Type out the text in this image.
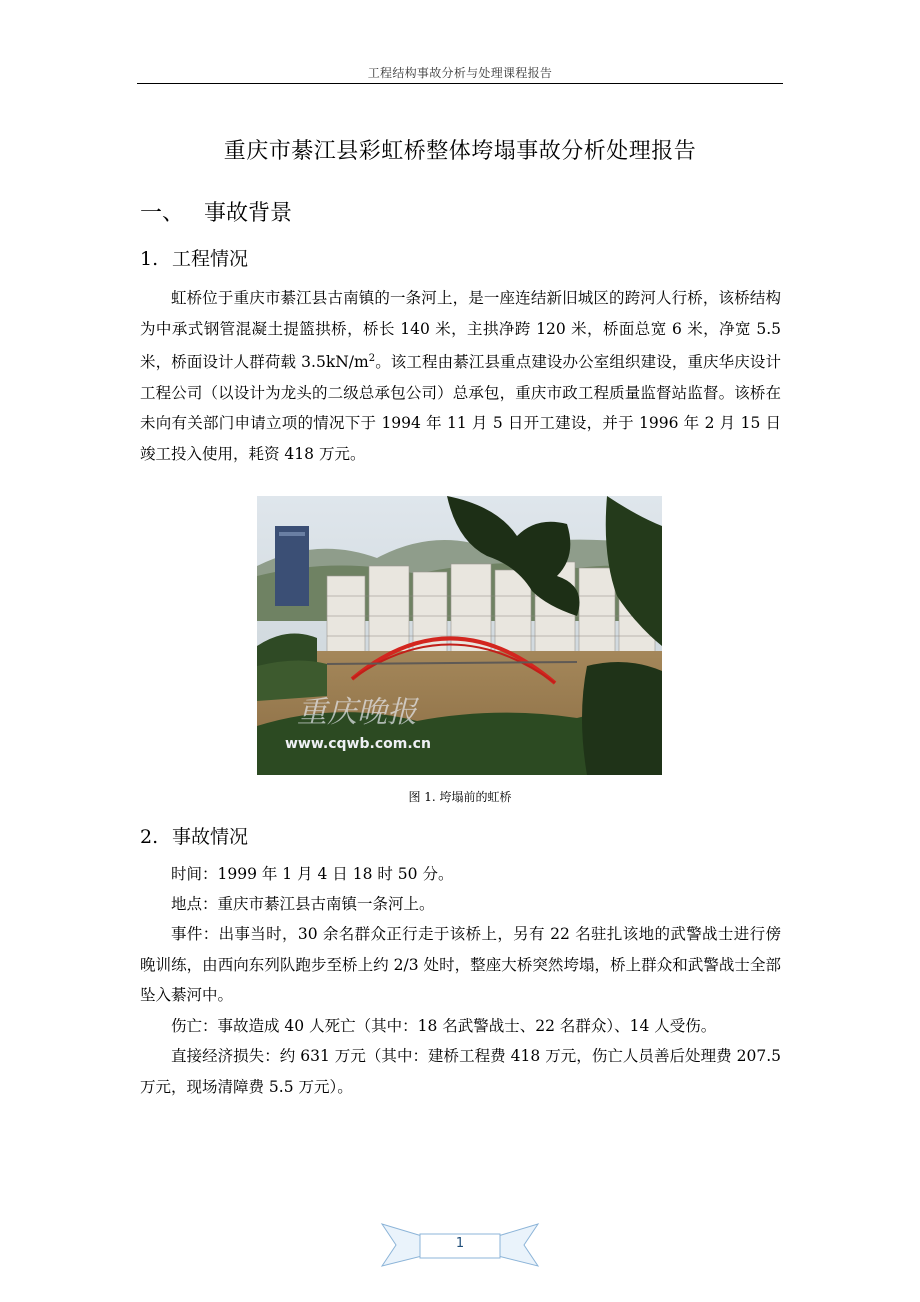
工程结构事故分析与处理课程报告
重庆市綦江县彩虹桥整体垮塌事故分析处理报告
一、 事故背景
1. 工程情况

虹桥位于重庆市綦江县古南镇的一条河上，是一座连结新旧城区的跨河人行桥，该桥结构为中承式钢管混凝土提篮拱桥，桥长 140 米，主拱净跨 120 米，桥面总宽 6 米，净宽 5.5 米，桥面设计人群荷载 $3.5kN/m^2$。该工程由綦江县重点建设办公室组织建设，重庆华庆设计工程公司（以设计为龙头的二级总承包公司）总承包，重庆市政工程质量监督站监督。该桥在未向有关部门申请立项的情况下于 1994 年 11 月 5 日开工建设，并于 1996 年 2 月 15 日竣工投入使用，耗资 418 万元。

重庆晚报
www.cqwb.com.cn
图 1. 垮塌前的虹桥
2. 事故情况

时间：1999 年 1 月 4 日 18 时 50 分。

地点：重庆市綦江县古南镇一条河上。

事件：出事当时，30 余名群众正行走于该桥上，另有 22 名驻扎该地的武警战士进行傍晚训练，由西向东列队跑步至桥上约 2/3 处时，整座大桥突然垮塌，桥上群众和武警战士全部坠入綦河中。

伤亡：事故造成 40 人死亡（其中：18 名武警战士、22 名群众）、14 人受伤。

直接经济损失：约 631 万元（其中：建桥工程费 418 万元，伤亡人员善后处理费 207.5 万元，现场清障费 5.5 万元）。

1
